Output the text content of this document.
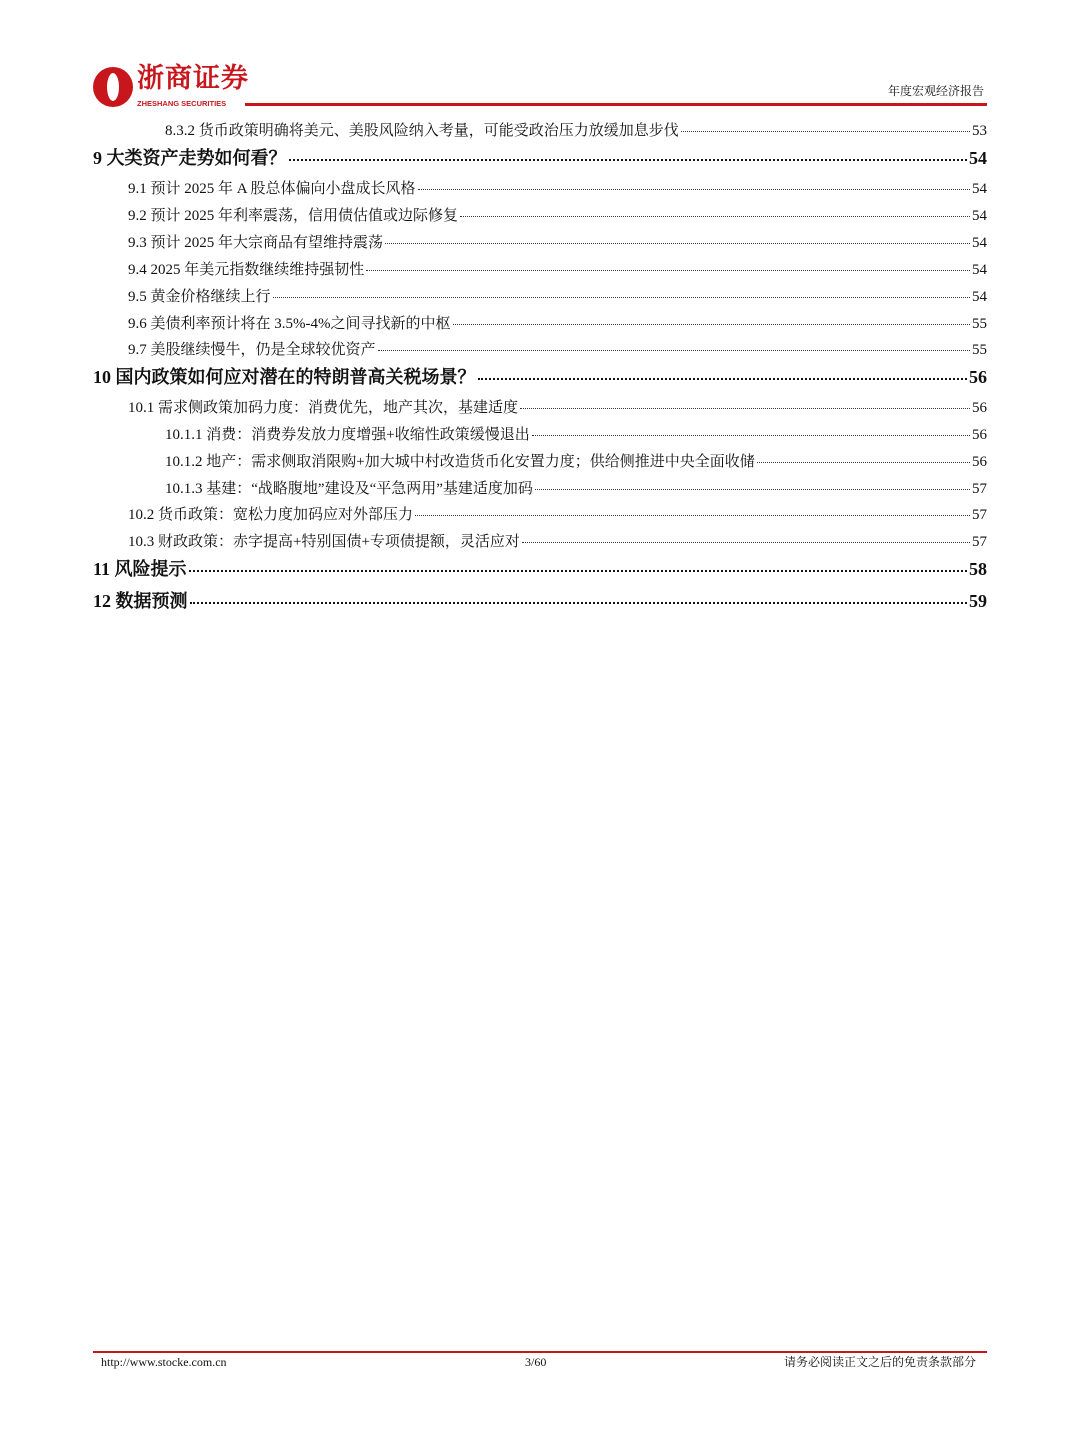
浙商证券
ZHESHANG SECURITIES
年度宏观经济报告
8.3.2 货币政策明确将美元、美股风险纳入考量，可能受政治压力放缓加息步伐	53
9 大类资产走势如何看？	54
9.1 预计 2025 年 A 股总体偏向小盘成长风格	54
9.2 预计 2025 年利率震荡，信用债估值或边际修复	54
9.3 预计 2025 年大宗商品有望维持震荡	54
9.4 2025 年美元指数继续维持强韧性	54
9.5 黄金价格继续上行	54
9.6 美债利率预计将在 3.5%-4%之间寻找新的中枢	55
9.7 美股继续慢牛，仍是全球较优资产	55
10 国内政策如何应对潜在的特朗普高关税场景？	56
10.1 需求侧政策加码力度：消费优先，地产其次，基建适度	56
10.1.1 消费：消费券发放力度增强+收缩性政策缓慢退出	56
10.1.2 地产：需求侧取消限购+加大城中村改造货币化安置力度；供给侧推进中央全面收储	56
10.1.3 基建：“战略腹地”建设及“平急两用”基建适度加码	57
10.2 货币政策：宽松力度加码应对外部压力	57
10.3 财政政策：赤字提高+特别国债+专项债提额，灵活应对	57
11 风险提示	58
12 数据预测	59
http://www.stocke.com.cn	3/60	请务必阅读正文之后的免责条款部分
